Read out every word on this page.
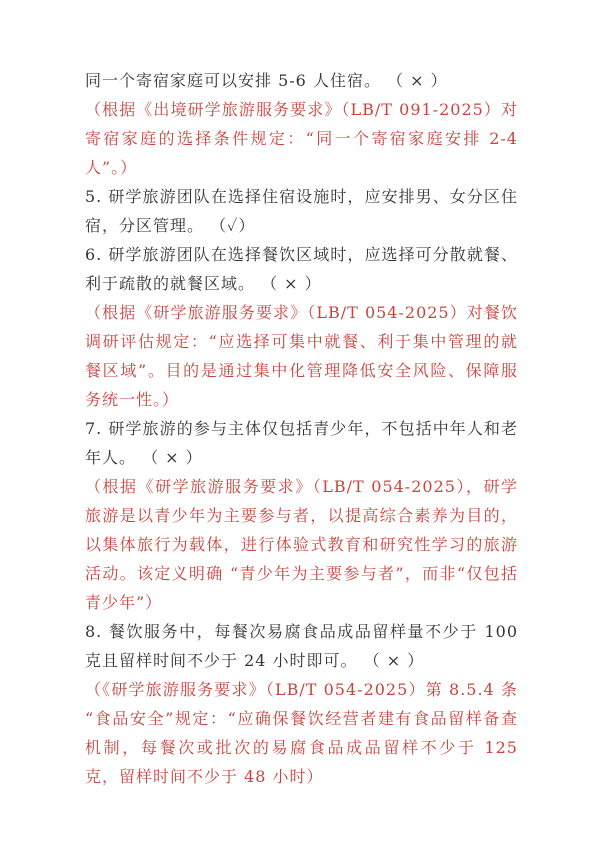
同一个寄宿家庭可以安排 5-6 人住宿。 （ × ）

（根据《出境研学旅游服务要求》（LB/T 091-2025）对寄宿家庭的选择条件规定：“同一个寄宿家庭安排 2-4 人”。）

5. 研学旅游团队在选择住宿设施时，应安排男、女分区住宿，分区管理。 （✓）

6. 研学旅游团队在选择餐饮区域时，应选择可分散就餐、利于疏散的就餐区域。 （ × ）

（根据《研学旅游服务要求》（LB/T 054-2025）对餐饮调研评估规定：“应选择可集中就餐、利于集中管理的就餐区域”。目的是通过集中化管理降低安全风险、保障服务统一性。）

7. 研学旅游的参与主体仅包括青少年，不包括中年人和老年人。 （ × ）

（根据《研学旅游服务要求》（LB/T 054-2025），研学旅游是以青少年为主要参与者，以提高综合素养为目的，以集体旅行为载体，进行体验式教育和研究性学习的旅游活动。该定义明确 “青少年为主要参与者”，而非“仅包括青少年”）

8. 餐饮服务中，每餐次易腐食品成品留样量不少于 100 克且留样时间不少于 24 小时即可。 （ × ）

（《研学旅游服务要求》（LB/T 054-2025）第 8.5.4 条 “食品安全”规定：“应确保餐饮经营者建有食品留样备查机制，每餐次或批次的易腐食品成品留样不少于 125 克，留样时间不少于 48 小时）
